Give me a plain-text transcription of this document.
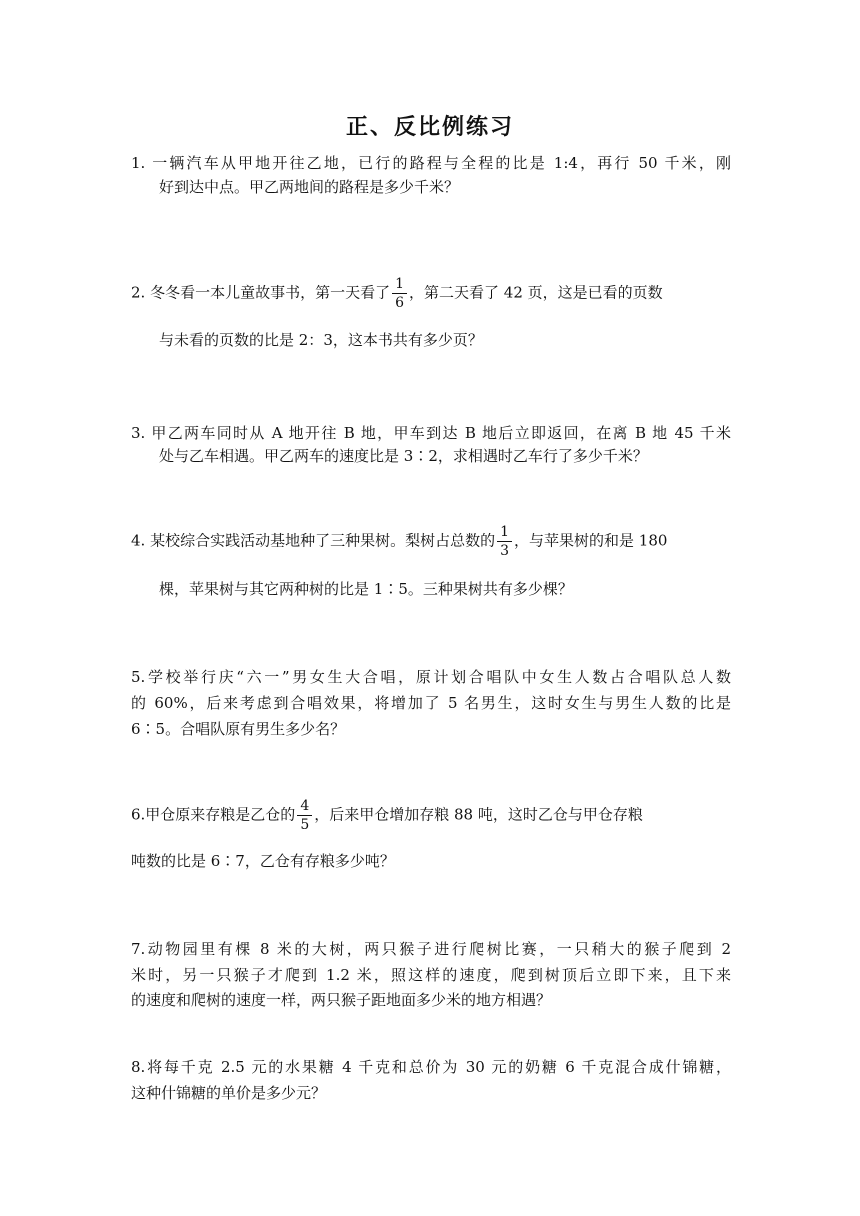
正、反比例练习
1. 一辆汽车从甲地开往乙地，已行的路程与全程的比是 1:4，再行 50 千米，刚
好到达中点。甲乙两地间的路程是多少千米？
2. 冬冬看一本儿童故事书，第一天看了 $\frac{1}{6}$ ，第二天看了 42 页，这是已看的页数
与未看的页数的比是 2：3，这本书共有多少页？
3. 甲乙两车同时从 A 地开往 B 地，甲车到达 B 地后立即返回，在离 B 地 45 千米
处与乙车相遇。甲乙两车的速度比是 3∶2，求相遇时乙车行了多少千米？
4. 某校综合实践活动基地种了三种果树。梨树占总数的 $\frac{1}{3}$ ，与苹果树的和是 180
棵，苹果树与其它两种树的比是 1∶5。三种果树共有多少棵？
5.学校举行庆“六一”男女生大合唱，原计划合唱队中女生人数占合唱队总人数
的 60%，后来考虑到合唱效果，将增加了 5 名男生，这时女生与男生人数的比是
6∶5。合唱队原有男生多少名？
6.甲仓原来存粮是乙仓的 $\frac{4}{5}$ ，后来甲仓增加存粮 88 吨，这时乙仓与甲仓存粮
吨数的比是 6∶7，乙仓有存粮多少吨？
7.动物园里有棵 8 米的大树，两只猴子进行爬树比赛，一只稍大的猴子爬到 2
米时，另一只猴子才爬到 1.2 米，照这样的速度，爬到树顶后立即下来，且下来
的速度和爬树的速度一样，两只猴子距地面多少米的地方相遇？
8.将每千克 2.5 元的水果糖 4 千克和总价为 30 元的奶糖 6 千克混合成什锦糖，
这种什锦糖的单价是多少元？
